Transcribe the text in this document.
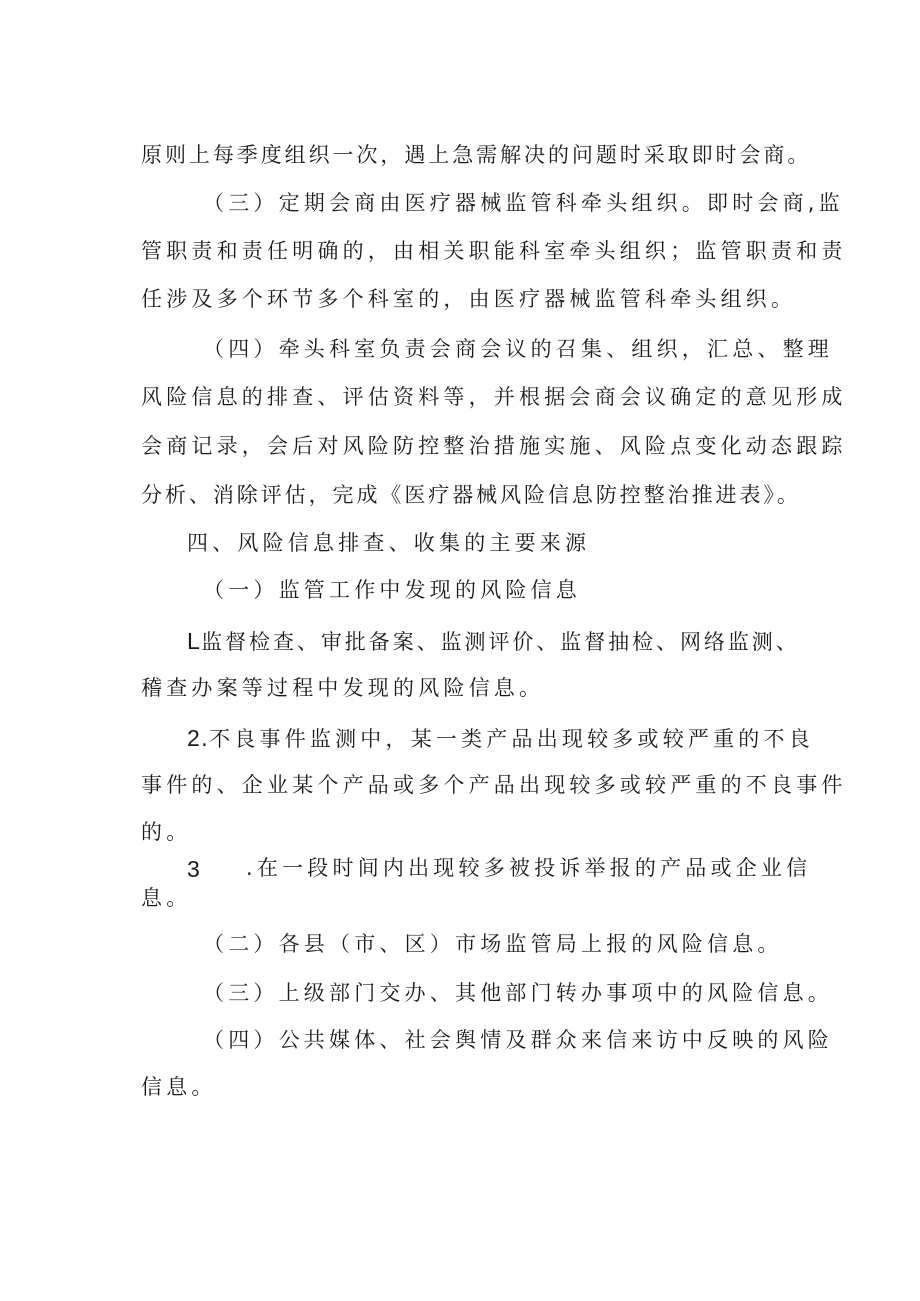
原则上每季度组织一次，遇上急需解决的问题时采取即时会商。
（三）定期会商由医疗器械监管科牵头组织。即时会商,监
管职责和责任明确的，由相关职能科室牵头组织；监管职责和责
任涉及多个环节多个科室的，由医疗器械监管科牵头组织。
（四）牵头科室负责会商会议的召集、组织，汇总、整理
风险信息的排查、评估资料等，并根据会商会议确定的意见形成
会商记录，会后对风险防控整治措施实施、风险点变化动态跟踪
分析、消除评估，完成《医疗器械风险信息防控整治推进表》。
四、风险信息排查、收集的主要来源
（一）监管工作中发现的风险信息
L监督检查、审批备案、监测评价、监督抽检、网络监测、
稽查办案等过程中发现的风险信息。
2.不良事件监测中，某一类产品出现较多或较严重的不良
事件的、企业某个产品或多个产品出现较多或较严重的不良事件
的。
3 .在一段时间内出现较多被投诉举报的产品或企业信
息。
（二）各县（市、区）市场监管局上报的风险信息。
（三）上级部门交办、其他部门转办事项中的风险信息。
（四）公共媒体、社会舆情及群众来信来访中反映的风险
信息。
